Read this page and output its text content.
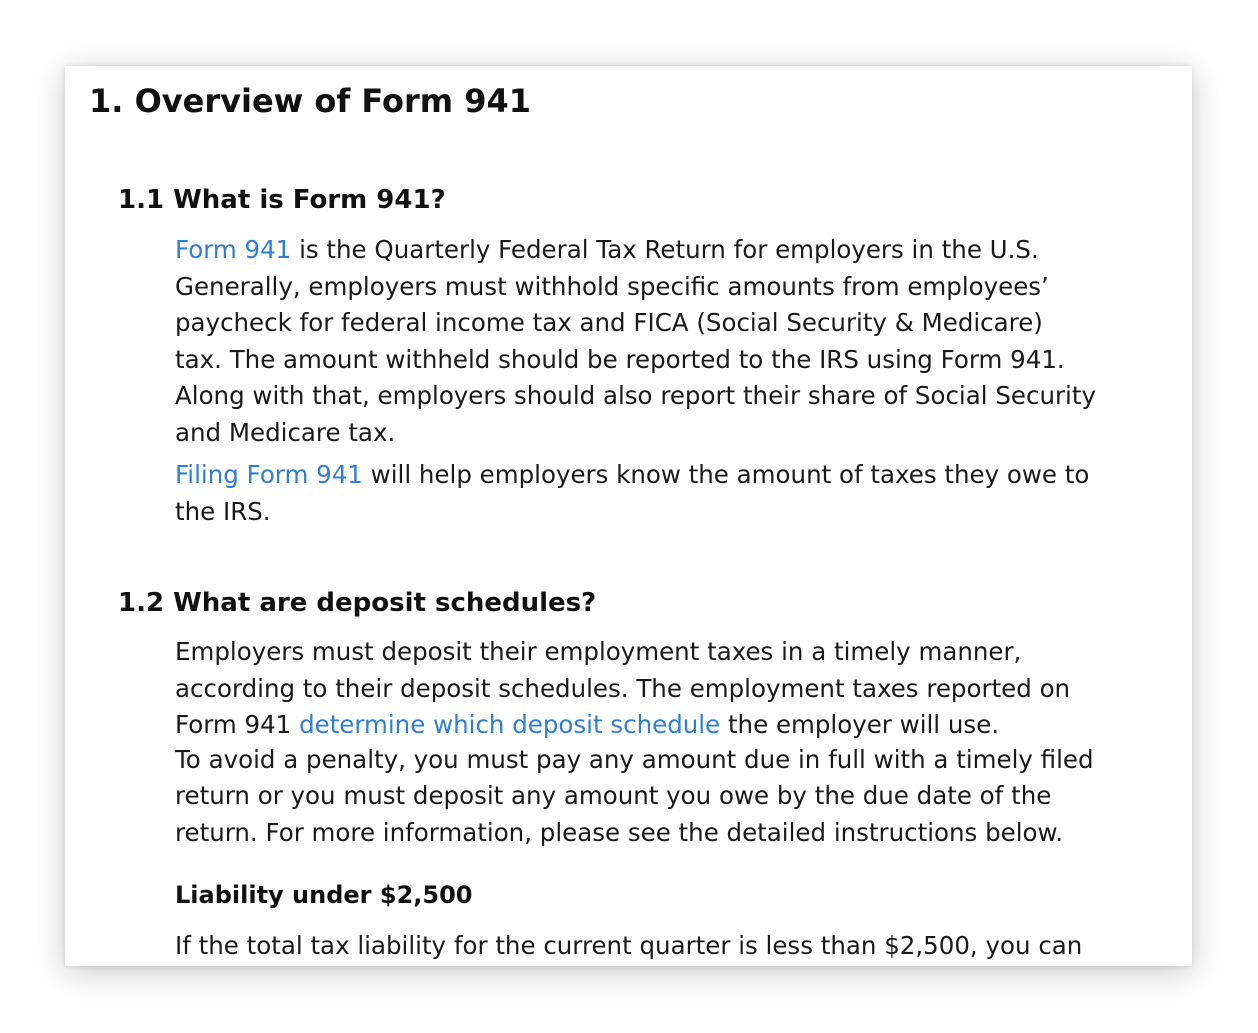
1. Overview of Form 941
1.1 What is Form 941?

Form 941 is the Quarterly Federal Tax Return for employers in the U.S.
Generally, employers must withhold specific amounts from employees’
paycheck for federal income tax and FICA (Social Security & Medicare)
tax. The amount withheld should be reported to the IRS using Form 941.
Along with that, employers should also report their share of Social Security
and Medicare tax.

Filing Form 941 will help employers know the amount of taxes they owe to
the IRS.

1.2 What are deposit schedules?

Employers must deposit their employment taxes in a timely manner,
according to their deposit schedules. The employment taxes reported on
Form 941 determine which deposit schedule the employer will use.
To avoid a penalty, you must pay any amount due in full with a timely filed
return or you must deposit any amount you owe by the due date of the
return. For more information, please see the detailed instructions below.

Liability under $2,500

If the total tax liability for the current quarter is less than $2,500, you can
